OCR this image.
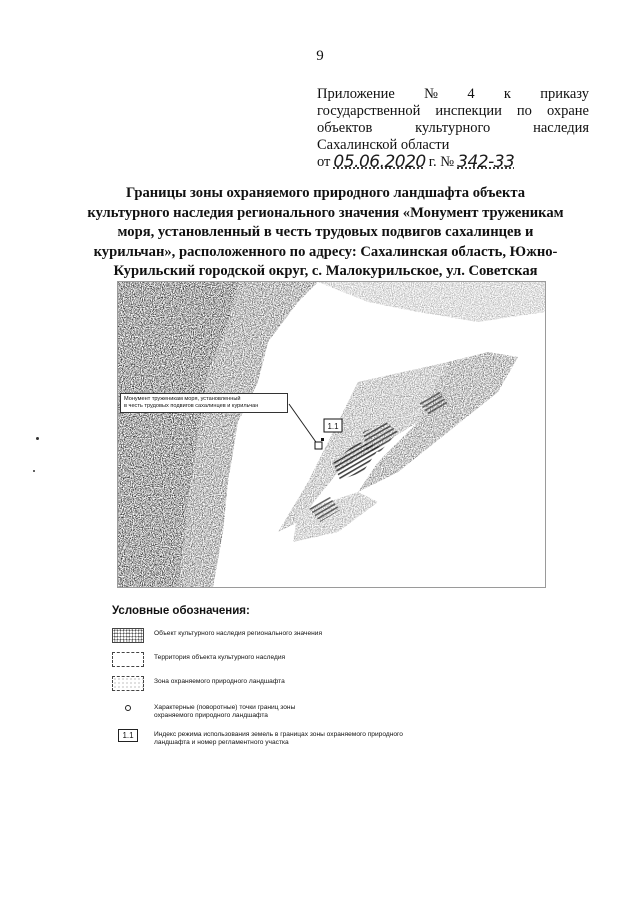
9
Приложение № 4 к приказу
государственной инспекции по охране
объектов	культурного	наследия
Сахалинской области
от 05.06.2020 г. № 342-33
Границы зоны охраняемого природного ландшафта объекта
культурного наследия регионального значения «Монумент труженикам
моря, установленный в честь трудовых подвигов сахалинцев и
курильчан», расположенного по адресу: Сахалинская область, Южно-
Курильский городской округ, с. Малокурильское, ул. Советская
1.1
Монумент труженикам моря, установленный
в честь трудовых подвигов сахалинцев и курильчан
Условные обозначения:
Объект культурного наследия регионального значения
Территория объекта культурного наследия
Зона охраняемого природного ландшафта
Характерные (поворотные) точки границ зоны охраняемого природного ландшафта
1.1	Индекс режима использования земель в границах зоны охраняемого природного ландшафта и номер регламентного участка
